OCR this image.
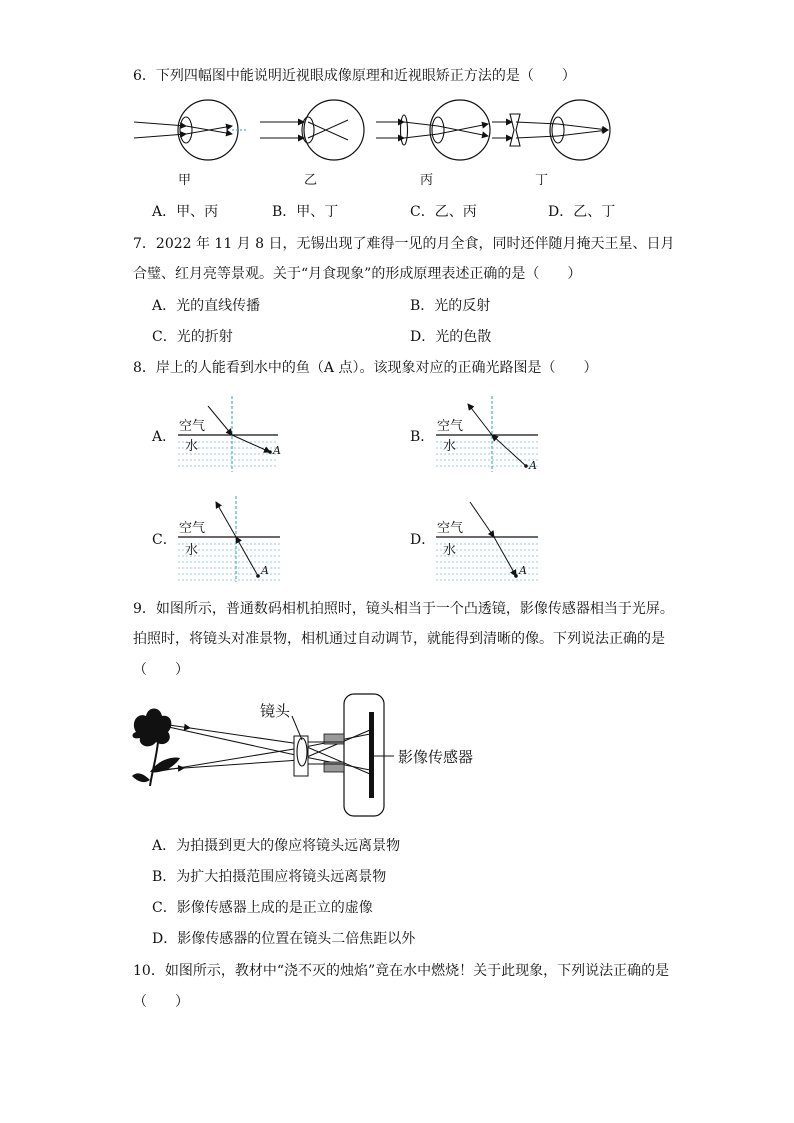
6．下列四幅图中能说明近视眼成像原理和近视眼矫正方法的是（　　）
甲	乙	丙	丁
A．甲、丙	B．甲、丁	C．乙、丙	D．乙、丁
7．2022 年 11 月 8 日，无锡出现了难得一见的月全食，同时还伴随月掩天王星、日月
合璧、红月亮等景观。关于“月食现象”的形成原理表述正确的是（　　）
A．光的直线传播	B．光的反射
C．光的折射	D．光的色散
8．岸上的人能看到水中的鱼（A 点）。该现象对应的正确光路图是（　　）
A．
空气
水	A
B．
空气
水
A
C．
空气
水
A
D．
空气
水
A
9．如图所示，普通数码相机拍照时，镜头相当于一个凸透镜，影像传感器相当于光屏。
拍照时，将镜头对准景物，相机通过自动调节，就能得到清晰的像。下列说法正确的是
（　　）
镜头
影像传感器
A．为拍摄到更大的像应将镜头远离景物
B．为扩大拍摄范围应将镜头远离景物
C．影像传感器上成的是正立的虚像
D．影像传感器的位置在镜头二倍焦距以外
10．如图所示，教材中“浇不灭的烛焰”竟在水中燃烧！关于此现象，下列说法正确的是
（　　）
